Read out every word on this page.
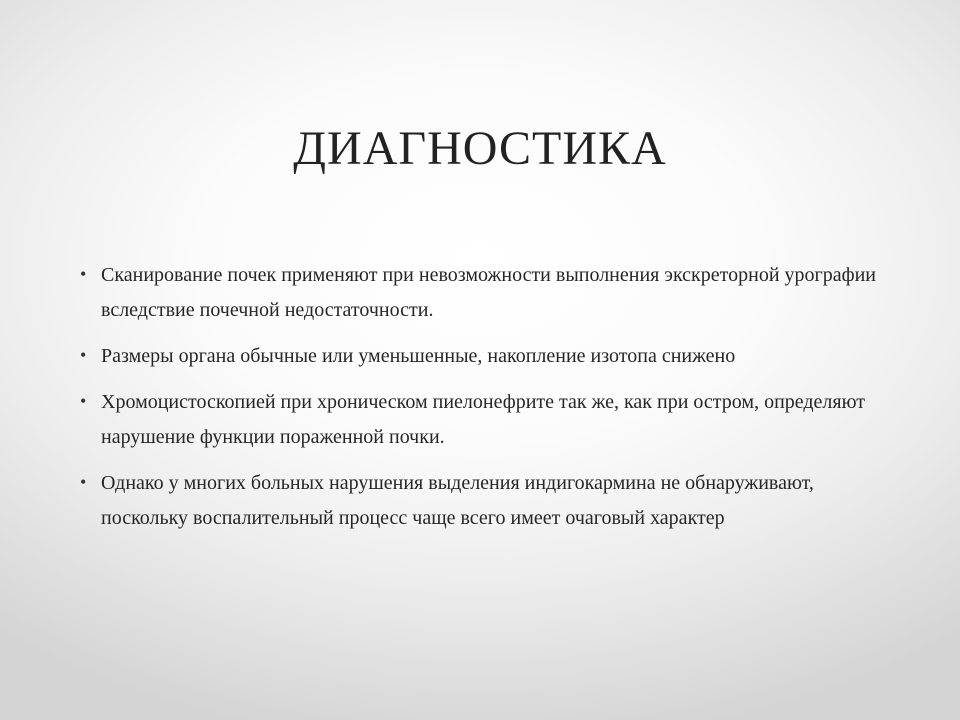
ДИАГНОСТИКА
• Сканирование почек применяют при невозможности выполнения экскреторной урографии вследствие почечной недостаточности.
• Размеры органа обычные или уменьшенные, накопление изотопа снижено
• Хромоцистоскопией при хроническом пиелонефрите так же, как при остром, определяют нарушение функции пораженной почки.
• Однако у многих больных нарушения выделения индигокармина не обнаруживают, поскольку воспалительный процесс чаще всего имеет очаговый характер
